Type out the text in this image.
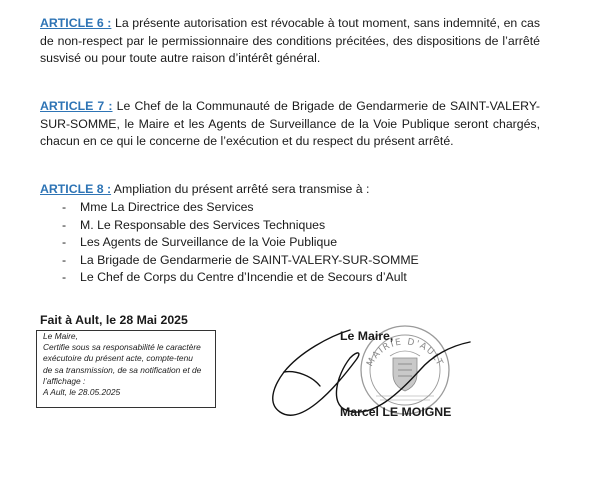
ARTICLE 6 : La présente autorisation est révocable à tout moment, sans indemnité, en cas de non-respect par le permissionnaire des conditions précitées, des dispositions de l’arrêté susvisé ou pour toute autre raison d’intérêt général.
ARTICLE 7 : Le Chef de la Communauté de Brigade de Gendarmerie de SAINT-VALERY-SUR-SOMME, le Maire et les Agents de Surveillance de la Voie Publique seront chargés, chacun en ce qui le concerne de l’exécution et du respect du présent arrêté.
ARTICLE 8 : Ampliation du présent arrêté sera transmise à :
-	Mme La Directrice des Services
-	M. Le Responsable des Services Techniques
-	Les Agents de Surveillance de la Voie Publique
-	La Brigade de Gendarmerie de SAINT-VALERY-SUR-SOMME
-	Le Chef de Corps du Centre d’Incendie et de Secours d’Ault
Fait à Ault, le 28 Mai 2025
Le Maire,
Certifie sous sa responsabilité le caractère
exécutoire du présent acte, compte-tenu
de sa transmission, de sa notification et de
l’affichage :
A Ault, le 28.05.2025
MAIRIE D'AULT
Le Maire,
Marcel LE MOIGNE
